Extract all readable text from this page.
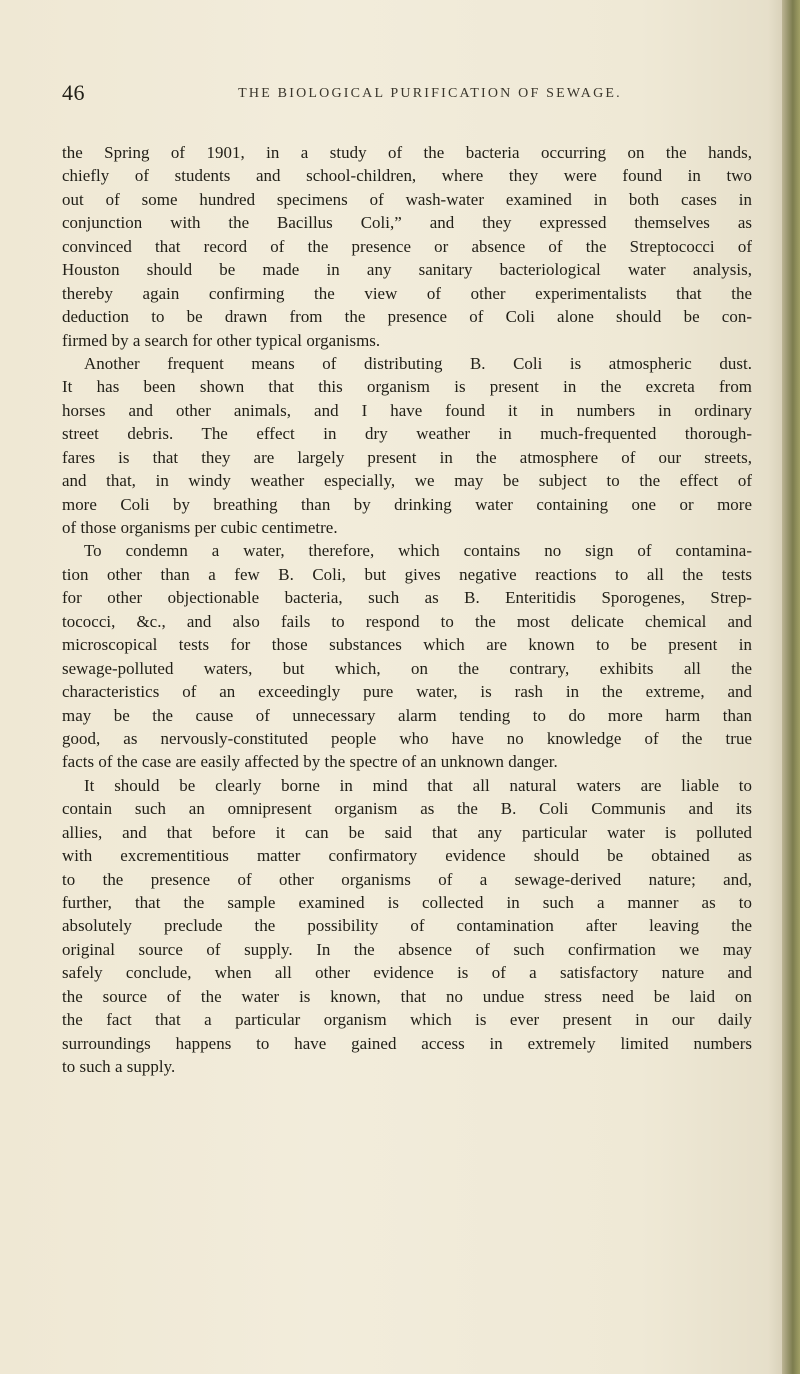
46	THE BIOLOGICAL PURIFICATION OF SEWAGE.
the Spring of 1901, in a study of the bacteria occurring on the hands,
chiefly of students and school-children, where they were found in two
out of some hundred specimens of wash-water examined in both cases in
conjunction with the Bacillus Coli,” and they expressed themselves as
convinced that record of the presence or absence of the Streptococci of
Houston should be made in any sanitary bacteriological water analysis,
thereby again confirming the view of other experimentalists that the
deduction to be drawn from the presence of Coli alone should be con-
firmed by a search for other typical organisms.
Another frequent means of distributing B. Coli is atmospheric dust.
It has been shown that this organism is present in the excreta from
horses and other animals, and I have found it in numbers in ordinary
street debris. The effect in dry weather in much-frequented thorough-
fares is that they are largely present in the atmosphere of our streets,
and that, in windy weather especially, we may be subject to the effect of
more Coli by breathing than by drinking water containing one or more
of those organisms per cubic centimetre.
To condemn a water, therefore, which contains no sign of contamina-
tion other than a few B. Coli, but gives negative reactions to all the tests
for other objectionable bacteria, such as B. Enteritidis Sporogenes, Strep-
tococci, &c., and also fails to respond to the most delicate chemical and
microscopical tests for those substances which are known to be present in
sewage-polluted waters, but which, on the contrary, exhibits all the
characteristics of an exceedingly pure water, is rash in the extreme, and
may be the cause of unnecessary alarm tending to do more harm than
good, as nervously-constituted people who have no knowledge of the true
facts of the case are easily affected by the spectre of an unknown danger.
It should be clearly borne in mind that all natural waters are liable to
contain such an omnipresent organism as the B. Coli Communis and its
allies, and that before it can be said that any particular water is polluted
with excrementitious matter confirmatory evidence should be obtained as
to the presence of other organisms of a sewage-derived nature; and,
further, that the sample examined is collected in such a manner as to
absolutely preclude the possibility of contamination after leaving the
original source of supply. In the absence of such confirmation we may
safely conclude, when all other evidence is of a satisfactory nature and
the source of the water is known, that no undue stress need be laid on
the fact that a particular organism which is ever present in our daily
surroundings happens to have gained access in extremely limited numbers
to such a supply.
